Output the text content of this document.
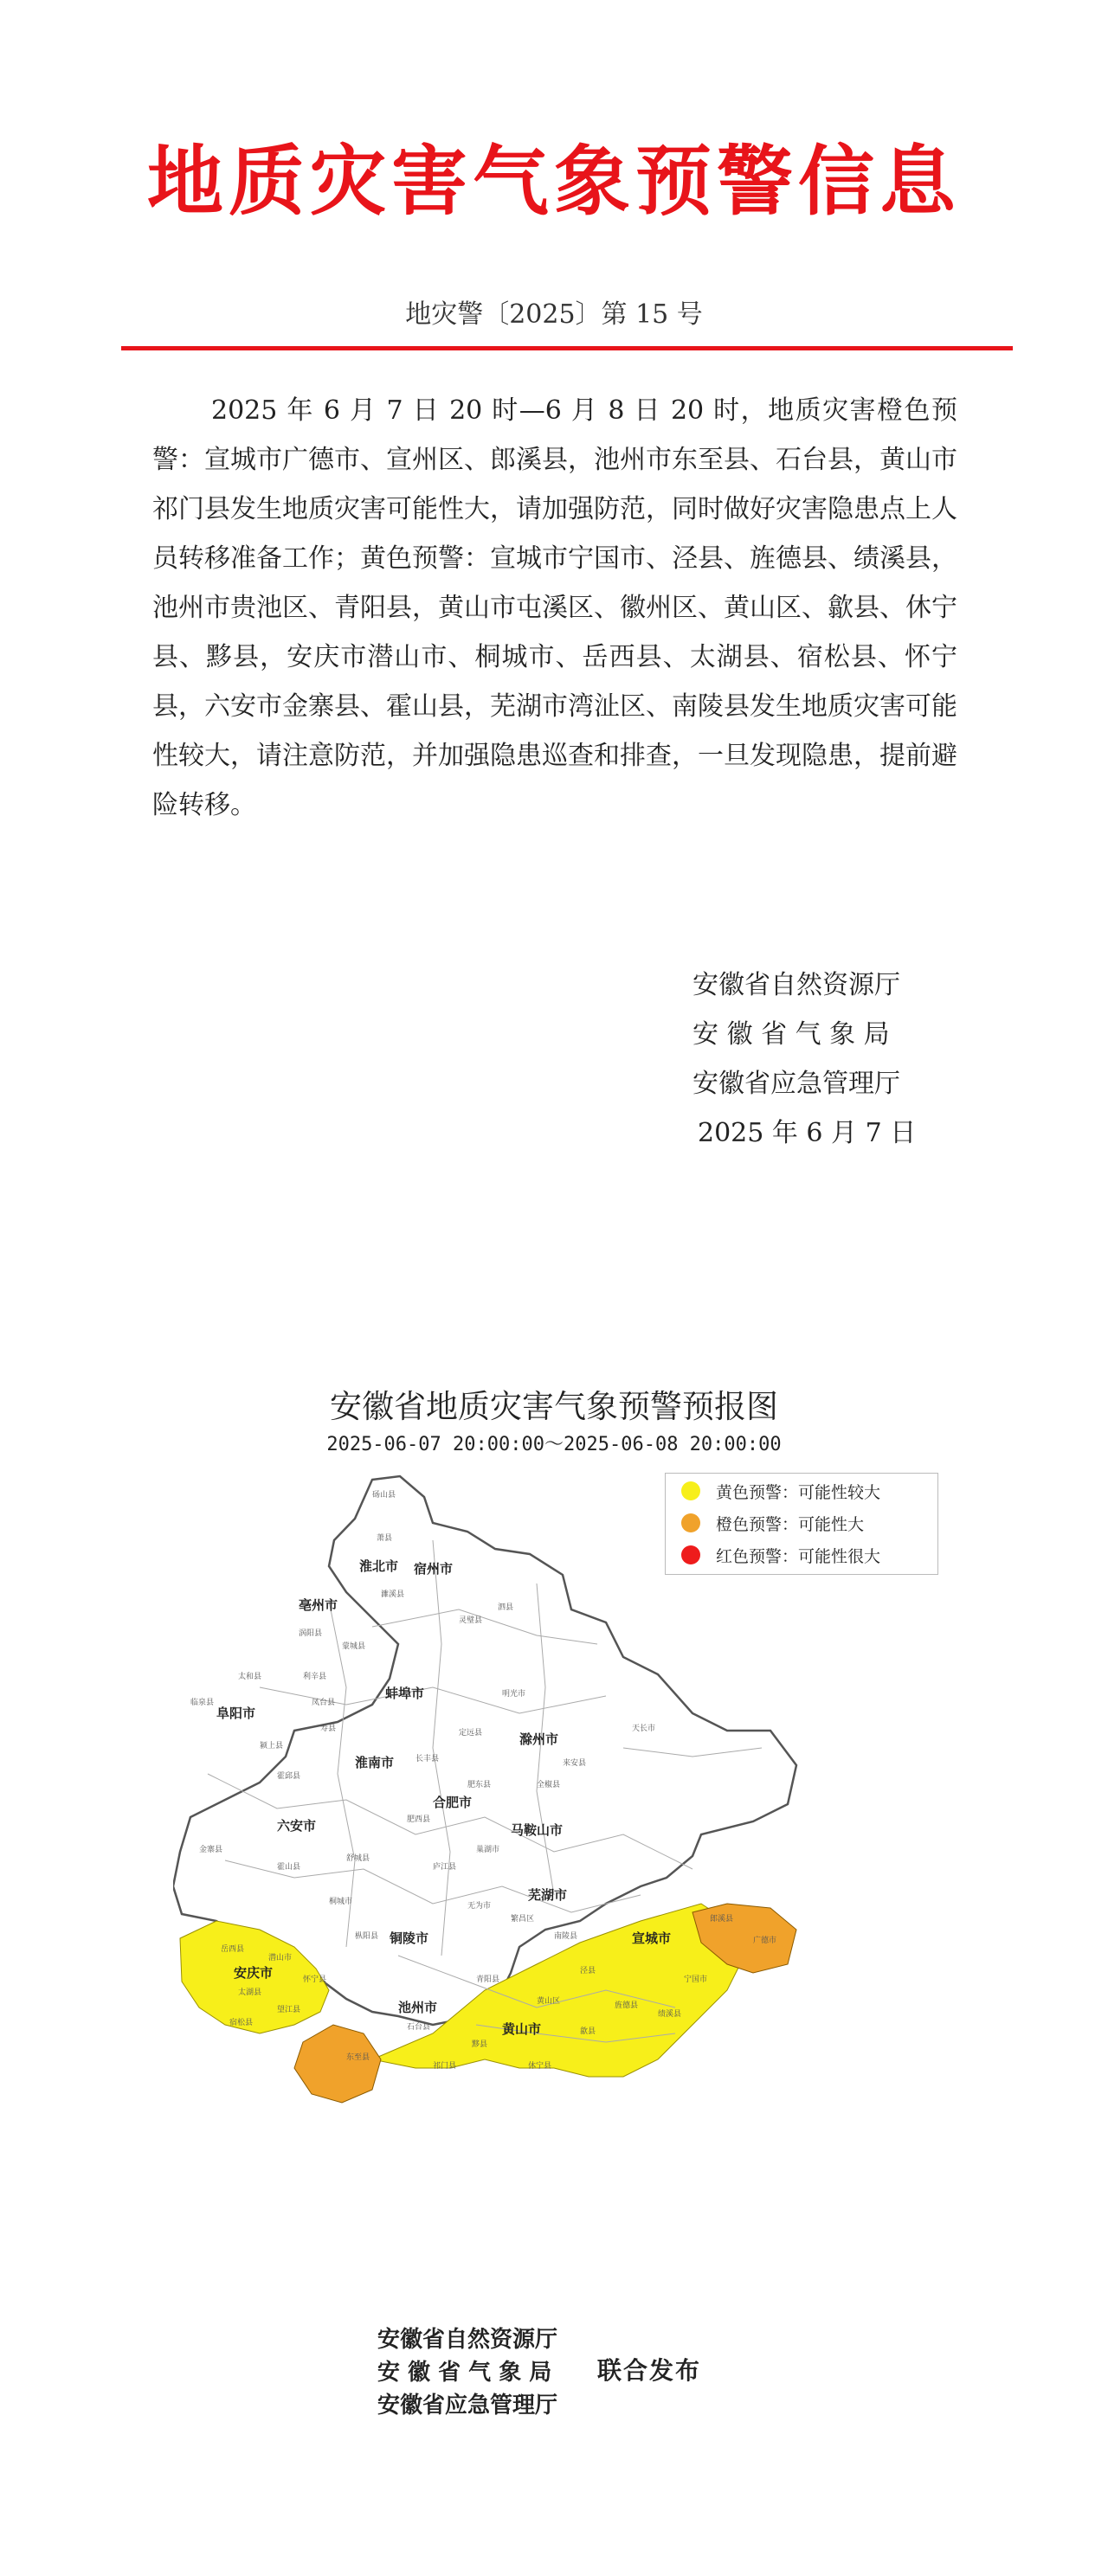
地质灾害气象预警信息
地灾警〔2025〕第 15 号
2025 年 6 月 7 日 20 时—6 月 8 日 20 时，地质灾害橙色预警：宣城市广德市、宣州区、郎溪县，池州市东至县、石台县，黄山市祁门县发生地质灾害可能性大，请加强防范，同时做好灾害隐患点上人员转移准备工作；黄色预警：宣城市宁国市、泾县、旌德县、绩溪县，池州市贵池区、青阳县，黄山市屯溪区、徽州区、黄山区、歙县、休宁县、黟县，安庆市潜山市、桐城市、岳西县、太湖县、宿松县、怀宁县，六安市金寨县、霍山县，芜湖市湾沚区、南陵县发生地质灾害可能性较大，请注意防范，并加强隐患巡查和排查，一旦发现隐患，提前避险转移。
安徽省自然资源厅
安 徽 省 气 象 局
安徽省应急管理厅
2025 年 6 月 7 日
安徽省地质灾害气象预警预报图
2025-06-07 20:00:00～2025-06-08 20:00:00
宿州市
淮北市
亳州市
阜阳市
蚌埠市
淮南市
滁州市
合肥市
六安市	马鞍山市
芜湖市
铜陵市	宣城市
安庆市
池州市
黄山市
砀山县
萧县
濉溪县
灵璧县
泗县
涡阳县
蒙城县
利辛县
太和县
临泉县
颍上县
寿县
凤台县
定远县
明光市
天长市
来安县
全椒县
肥东县
肥西县
长丰县
庐江县
巢湖市
霍邱县
金寨县
霍山县
舒城县
岳西县
太湖县
宿松县
望江县
潜山市
怀宁县
桐城市
枞阳县
无为市
南陵县
繁昌区
广德市
郎溪县
宁国市
泾县
旌德县
绩溪县
青阳县
石台县
东至县
祁门县	休宁县
黟县
歙县
黄山区
黄色预警：可能性较大
橙色预警：可能性大
红色预警：可能性很大
安徽省自然资源厅
安 徽 省 气 象 局
安徽省应急管理厅
联合发布
